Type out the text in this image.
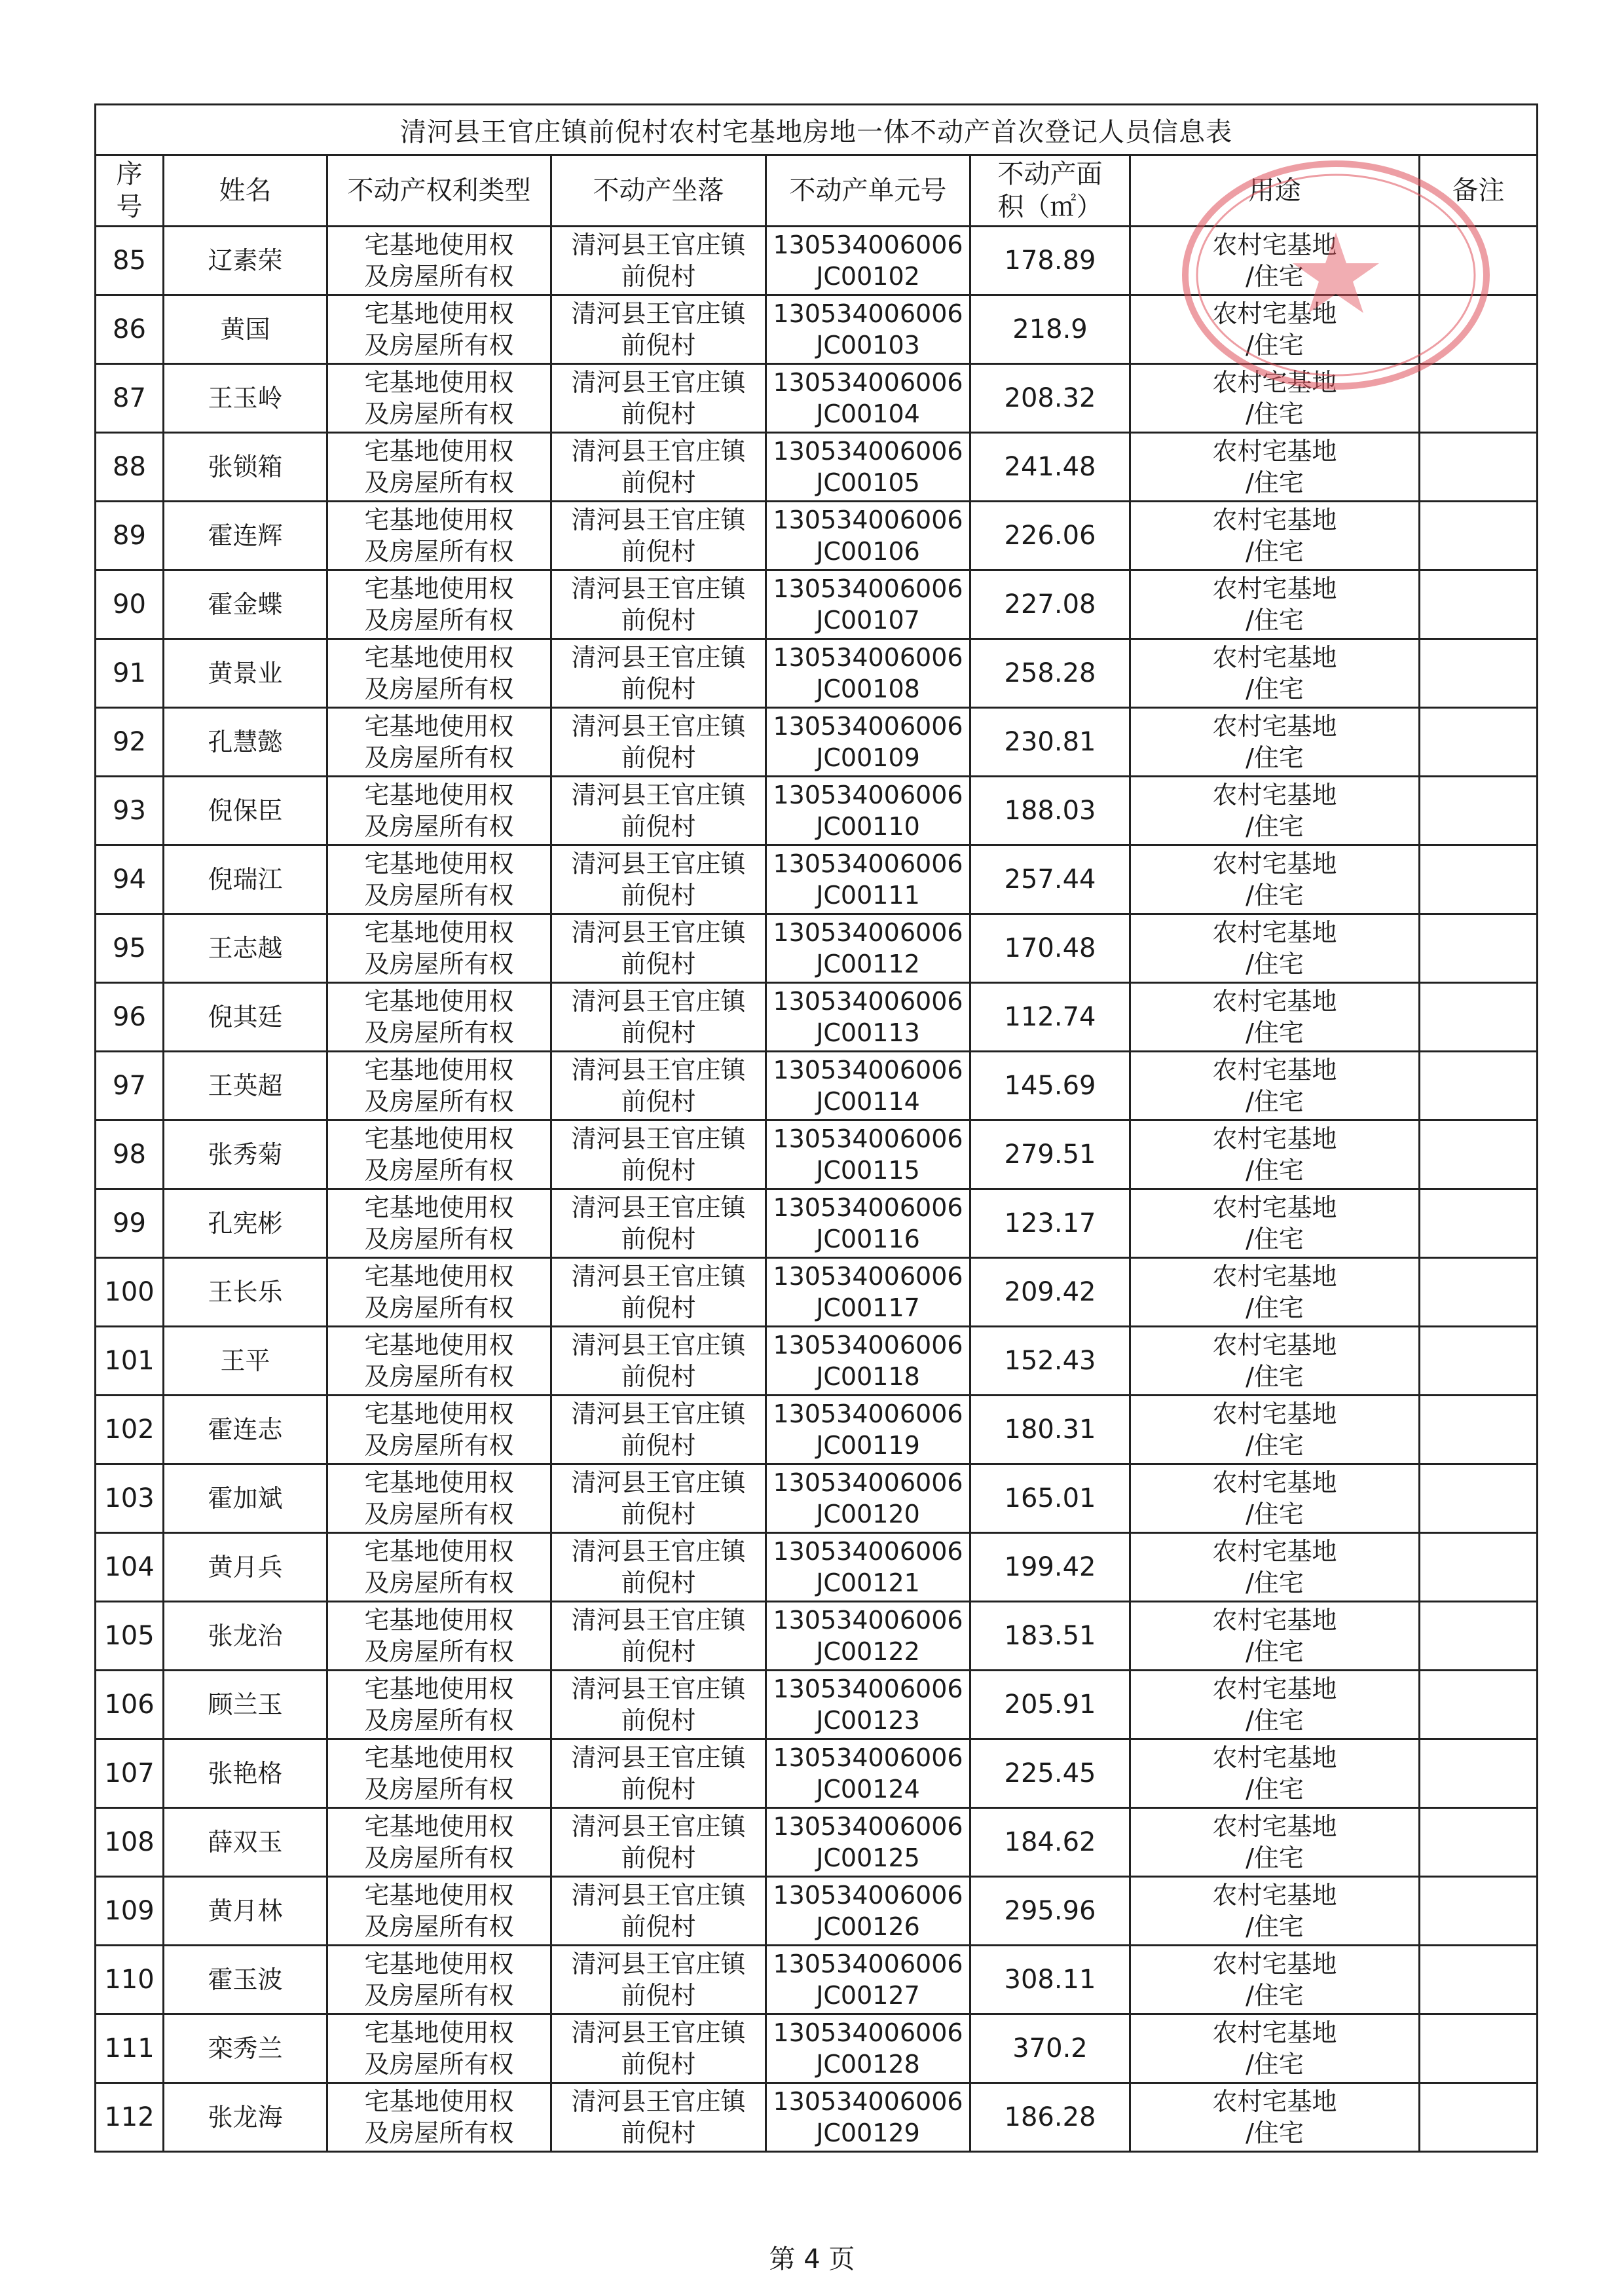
清河县王官庄镇前倪村农村宅基地房地一体不动产首次登记人员信息表							

序
号	姓名	不动产权利类型	不动产坐落	不动产单元号	不动产面
积（㎡）	用途	备注
85	辽素荣	宅基地使用权
及房屋所有权	清河县王官庄镇
前倪村	130534006006
JC00102	178.89	农村宅基地
/住宅	

86	黄国	宅基地使用权
及房屋所有权	清河县王官庄镇
前倪村	130534006006
JC00103	218.9	农村宅基地
/住宅	

87	王玉岭	宅基地使用权
及房屋所有权	清河县王官庄镇
前倪村	130534006006
JC00104	208.32	农村宅基地
/住宅	

88	张锁箱	宅基地使用权
及房屋所有权	清河县王官庄镇
前倪村	130534006006
JC00105	241.48	农村宅基地
/住宅	

89	霍连辉	宅基地使用权
及房屋所有权	清河县王官庄镇
前倪村	130534006006
JC00106	226.06	农村宅基地
/住宅	

90	霍金蝶	宅基地使用权
及房屋所有权	清河县王官庄镇
前倪村	130534006006
JC00107	227.08	农村宅基地
/住宅	

91	黄景业	宅基地使用权
及房屋所有权	清河县王官庄镇
前倪村	130534006006
JC00108	258.28	农村宅基地
/住宅	

92	孔慧懿	宅基地使用权
及房屋所有权	清河县王官庄镇
前倪村	130534006006
JC00109	230.81	农村宅基地
/住宅	

93	倪保臣	宅基地使用权
及房屋所有权	清河县王官庄镇
前倪村	130534006006
JC00110	188.03	农村宅基地
/住宅	

94	倪瑞江	宅基地使用权
及房屋所有权	清河县王官庄镇
前倪村	130534006006
JC00111	257.44	农村宅基地
/住宅	

95	王志越	宅基地使用权
及房屋所有权	清河县王官庄镇
前倪村	130534006006
JC00112	170.48	农村宅基地
/住宅	

96	倪其廷	宅基地使用权
及房屋所有权	清河县王官庄镇
前倪村	130534006006
JC00113	112.74	农村宅基地
/住宅	

97	王英超	宅基地使用权
及房屋所有权	清河县王官庄镇
前倪村	130534006006
JC00114	145.69	农村宅基地
/住宅	

98	张秀菊	宅基地使用权
及房屋所有权	清河县王官庄镇
前倪村	130534006006
JC00115	279.51	农村宅基地
/住宅	

99	孔宪彬	宅基地使用权
及房屋所有权	清河县王官庄镇
前倪村	130534006006
JC00116	123.17	农村宅基地
/住宅	

100	王长乐	宅基地使用权
及房屋所有权	清河县王官庄镇
前倪村	130534006006
JC00117	209.42	农村宅基地
/住宅	

101	王平	宅基地使用权
及房屋所有权	清河县王官庄镇
前倪村	130534006006
JC00118	152.43	农村宅基地
/住宅	

102	霍连志	宅基地使用权
及房屋所有权	清河县王官庄镇
前倪村	130534006006
JC00119	180.31	农村宅基地
/住宅	

103	霍加斌	宅基地使用权
及房屋所有权	清河县王官庄镇
前倪村	130534006006
JC00120	165.01	农村宅基地
/住宅	

104	黄月兵	宅基地使用权
及房屋所有权	清河县王官庄镇
前倪村	130534006006
JC00121	199.42	农村宅基地
/住宅	

105	张龙治	宅基地使用权
及房屋所有权	清河县王官庄镇
前倪村	130534006006
JC00122	183.51	农村宅基地
/住宅	

106	顾兰玉	宅基地使用权
及房屋所有权	清河县王官庄镇
前倪村	130534006006
JC00123	205.91	农村宅基地
/住宅	

107	张艳格	宅基地使用权
及房屋所有权	清河县王官庄镇
前倪村	130534006006
JC00124	225.45	农村宅基地
/住宅	

108	薛双玉	宅基地使用权
及房屋所有权	清河县王官庄镇
前倪村	130534006006
JC00125	184.62	农村宅基地
/住宅	

109	黄月林	宅基地使用权
及房屋所有权	清河县王官庄镇
前倪村	130534006006
JC00126	295.96	农村宅基地
/住宅	

110	霍玉波	宅基地使用权
及房屋所有权	清河县王官庄镇
前倪村	130534006006
JC00127	308.11	农村宅基地
/住宅	

111	栾秀兰	宅基地使用权
及房屋所有权	清河县王官庄镇
前倪村	130534006006
JC00128	370.2	农村宅基地
/住宅	

112	张龙海	宅基地使用权
及房屋所有权	清河县王官庄镇
前倪村	130534006006
JC00129	186.28	农村宅基地
/住宅	

第 4 页
